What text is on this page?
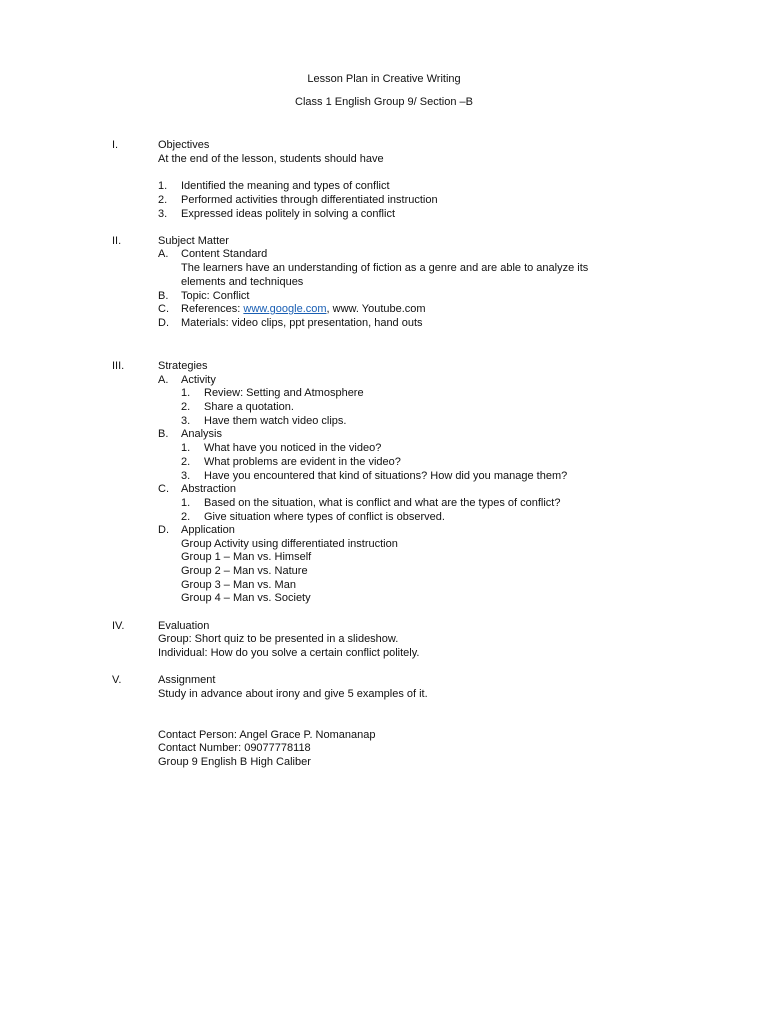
Lesson Plan in Creative Writing
Class 1 English Group 9/ Section –B
I.	Objectives
At the end of the lesson, students should have
1. Identified the meaning and types of conflict
2. Performed activities through differentiated instruction
3. Expressed ideas politely in solving a conflict
II.	Subject Matter
A. Content Standard
The learners have an understanding of fiction as a genre and are able to analyze its
elements and techniques
B. Topic: Conflict
C. References: www.google.com, www. Youtube.com
D. Materials: video clips, ppt presentation, hand outs
III.	Strategies
A. Activity
1. Review: Setting and Atmosphere
2. Share a quotation.
3. Have them watch video clips.
B. Analysis
1. What have you noticed in the video?
2. What problems are evident in the video?
3. Have you encountered that kind of situations? How did you manage them?
C. Abstraction
1. Based on the situation, what is conflict and what are the types of conflict?
2. Give situation where types of conflict is observed.
D. Application
Group Activity using differentiated instruction
Group 1 – Man vs. Himself
Group 2 – Man vs. Nature
Group 3 – Man vs. Man
Group 4 – Man vs. Society
IV.	Evaluation
Group: Short quiz to be presented in a slideshow.
Individual: How do you solve a certain conflict politely.
V.	Assignment
Study in advance about irony and give 5 examples of it.
Contact Person: Angel Grace P. Nomananap
Contact Number: 09077778118
Group 9 English B High Caliber
